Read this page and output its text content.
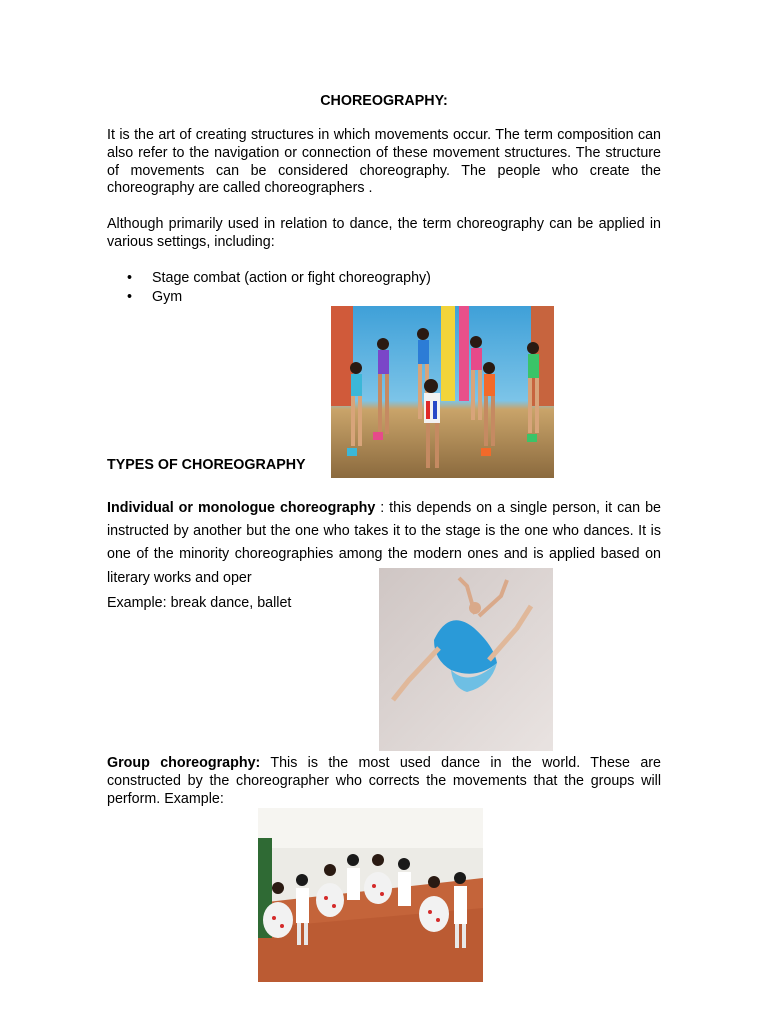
CHOREOGRAPHY:

It is the art of creating structures in which movements occur. The term composition can also refer to the navigation or connection of these movement structures. The structure of movements can be considered choreography. The people who create the choreography are called choreographers .

Although primarily used in relation to dance, the term choreography can be applied in various settings, including:

• Stage combat (action or fight choreography)
• Gym

TYPES OF CHOREOGRAPHY

Individual or monologue choreography : this depends on a single person, it can be instructed by another but the one who takes it to the stage is the one who dances. It is one of the minority choreographies among the modern ones and is applied based on literary works and oper

Example: break dance, ballet

Group choreography: This is the most used dance in the world. These are constructed by the choreographer who corrects the movements that the groups will perform. Example:
